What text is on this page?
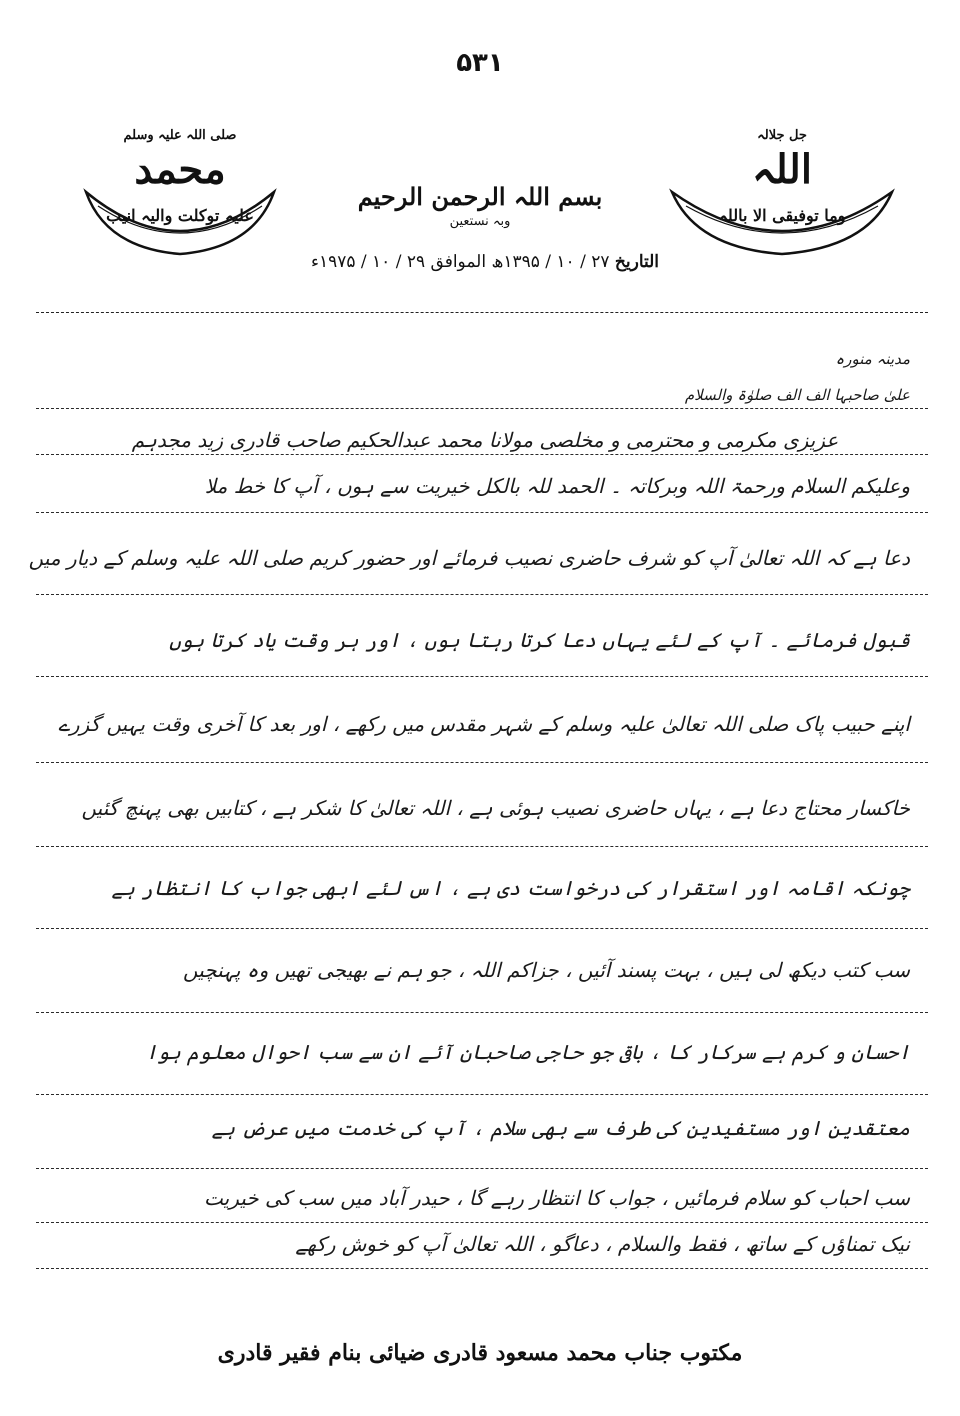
۵۳۱
جل جلالہ
اللہ
وما توفیقی الا باللہ
صلی اللہ علیہ وسلم
محمد
علیہ توکلت والیہ انیب
بسم اللہ الرحمن الرحیم
وبہ نستعین
التاریخ ۲۷ / ۱۰ / ۱۳۹۵ھ الموافق ۲۹ / ۱۰ / ۱۹۷۵ء
مدینہ منورہ
علیٰ صاحبہا الف الف صلوٰۃ والسلام
عزیزی مکرمی و محترمی و مخلصی مولانا محمد عبدالحکیم صاحب قادری زید مجدہم
وعلیکم السلام ورحمۃ اللہ وبرکاتہ ۔ الحمد للہ بالکل خیریت سے ہوں ، آپ کا خط ملا
دعا ہے کہ اللہ تعالیٰ آپ کو شرف حاضری نصیب فرمائے اور حضور کریم صلی اللہ علیہ وسلم کے دیار میں
قبول فرمائے ۔ آپ کے لئے یہاں دعا کرتا رہتا ہوں ، اور ہر وقت یاد کرتا ہوں
اپنے حبیب پاک صلی اللہ تعالیٰ علیہ وسلم کے شہر مقدس میں رکھے ، اور بعد کا آخری وقت یہیں گزرے
خاکسار محتاج دعا ہے ، یہاں حاضری نصیب ہوئی ہے ، اللہ تعالیٰ کا شکر ہے ، کتابیں بھی پہنچ گئیں
چونکہ اقامہ اور استقرار کی درخواست دی ہے ، اس لئے ابھی جواب کا انتظار ہے
سب کتب دیکھ لی ہیں ، بہت پسند آئیں ، جزاکم اللہ ، جو ہم نے بھیجی تھیں وہ پہنچیں
احسان و کرم ہے سرکار کا ، باقی جو حاجی صاحبان آئے ان سے سب احوال معلوم ہوا
معتقدین اور مستفیدین کی طرف سے بھی سلام ، آپ کی خدمت میں عرض ہے
سب احباب کو سلام فرمائیں ، جواب کا انتظار رہے گا ، حیدر آباد میں سب کی خیریت
نیک تمناؤں کے ساتھ ، فقط والسلام ، دعاگو ، اللہ تعالیٰ آپ کو خوش رکھے
مکتوب جناب محمد مسعود قادری ضیائی بنام فقیر قادری
